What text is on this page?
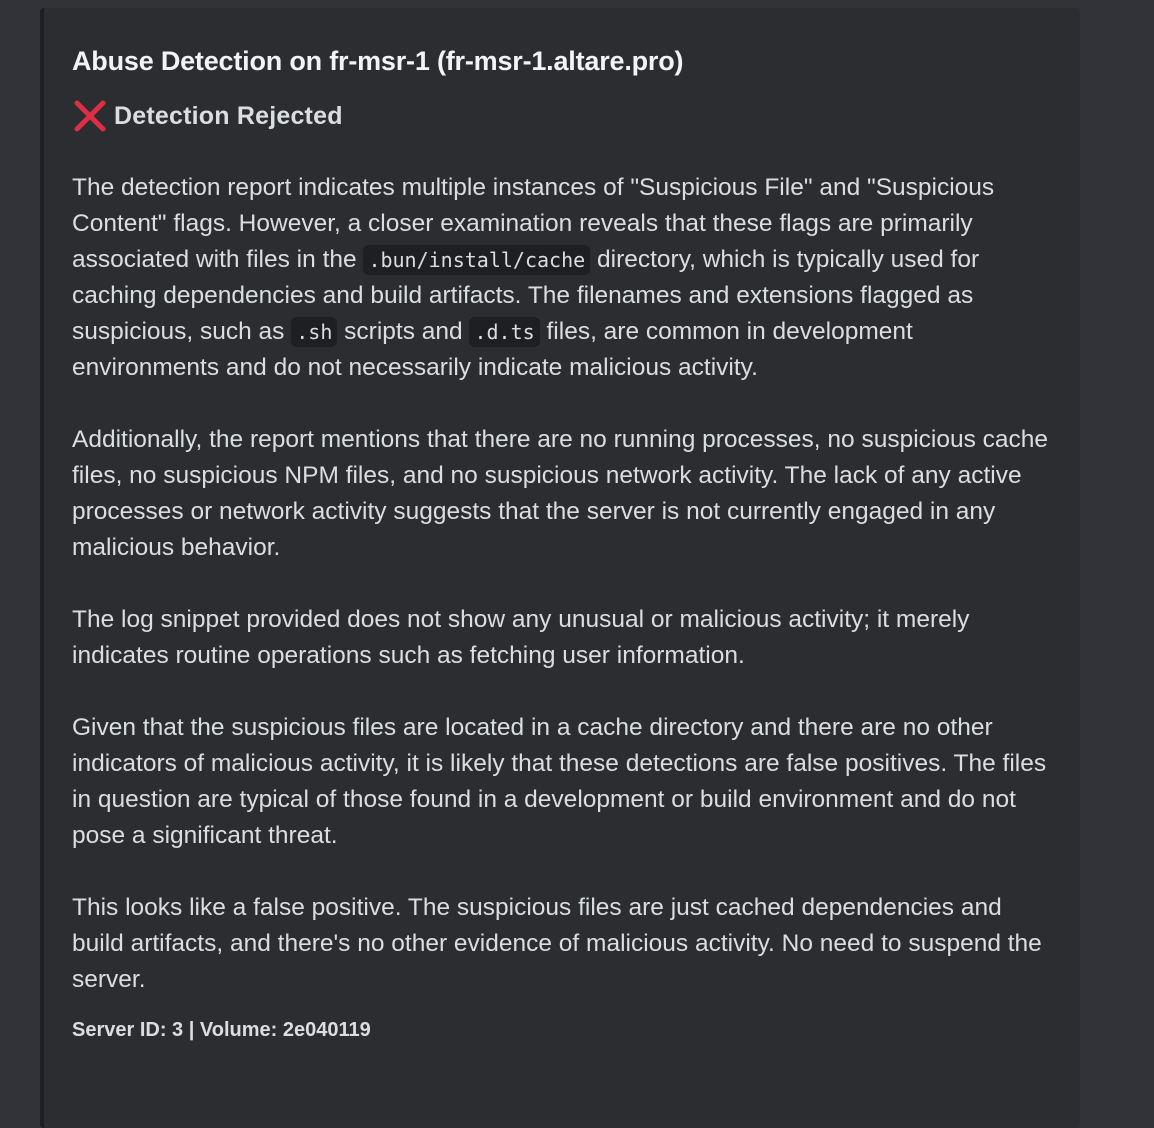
Abuse Detection on fr-msr-1 (fr-msr-1.altare.pro)
Detection Rejected

The detection report indicates multiple instances of "Suspicious File" and "Suspicious Content" flags. However, a closer examination reveals that these flags are primarily associated with files in the .bun/install/cache directory, which is typically used for caching dependencies and build artifacts. The filenames and extensions flagged as suspicious, such as .sh scripts and .d.ts files, are common in development environments and do not necessarily indicate malicious activity.

Additionally, the report mentions that there are no running processes, no suspicious cache files, no suspicious NPM files, and no suspicious network activity. The lack of any active processes or network activity suggests that the server is not currently engaged in any malicious behavior.

The log snippet provided does not show any unusual or malicious activity; it merely indicates routine operations such as fetching user information.

Given that the suspicious files are located in a cache directory and there are no other indicators of malicious activity, it is likely that these detections are false positives. The files in question are typical of those found in a development or build environment and do not pose a significant threat.

This looks like a false positive. The suspicious files are just cached dependencies and build artifacts, and there's no other evidence of malicious activity. No need to suspend the server.

Server ID: 3 | Volume: 2e040119
